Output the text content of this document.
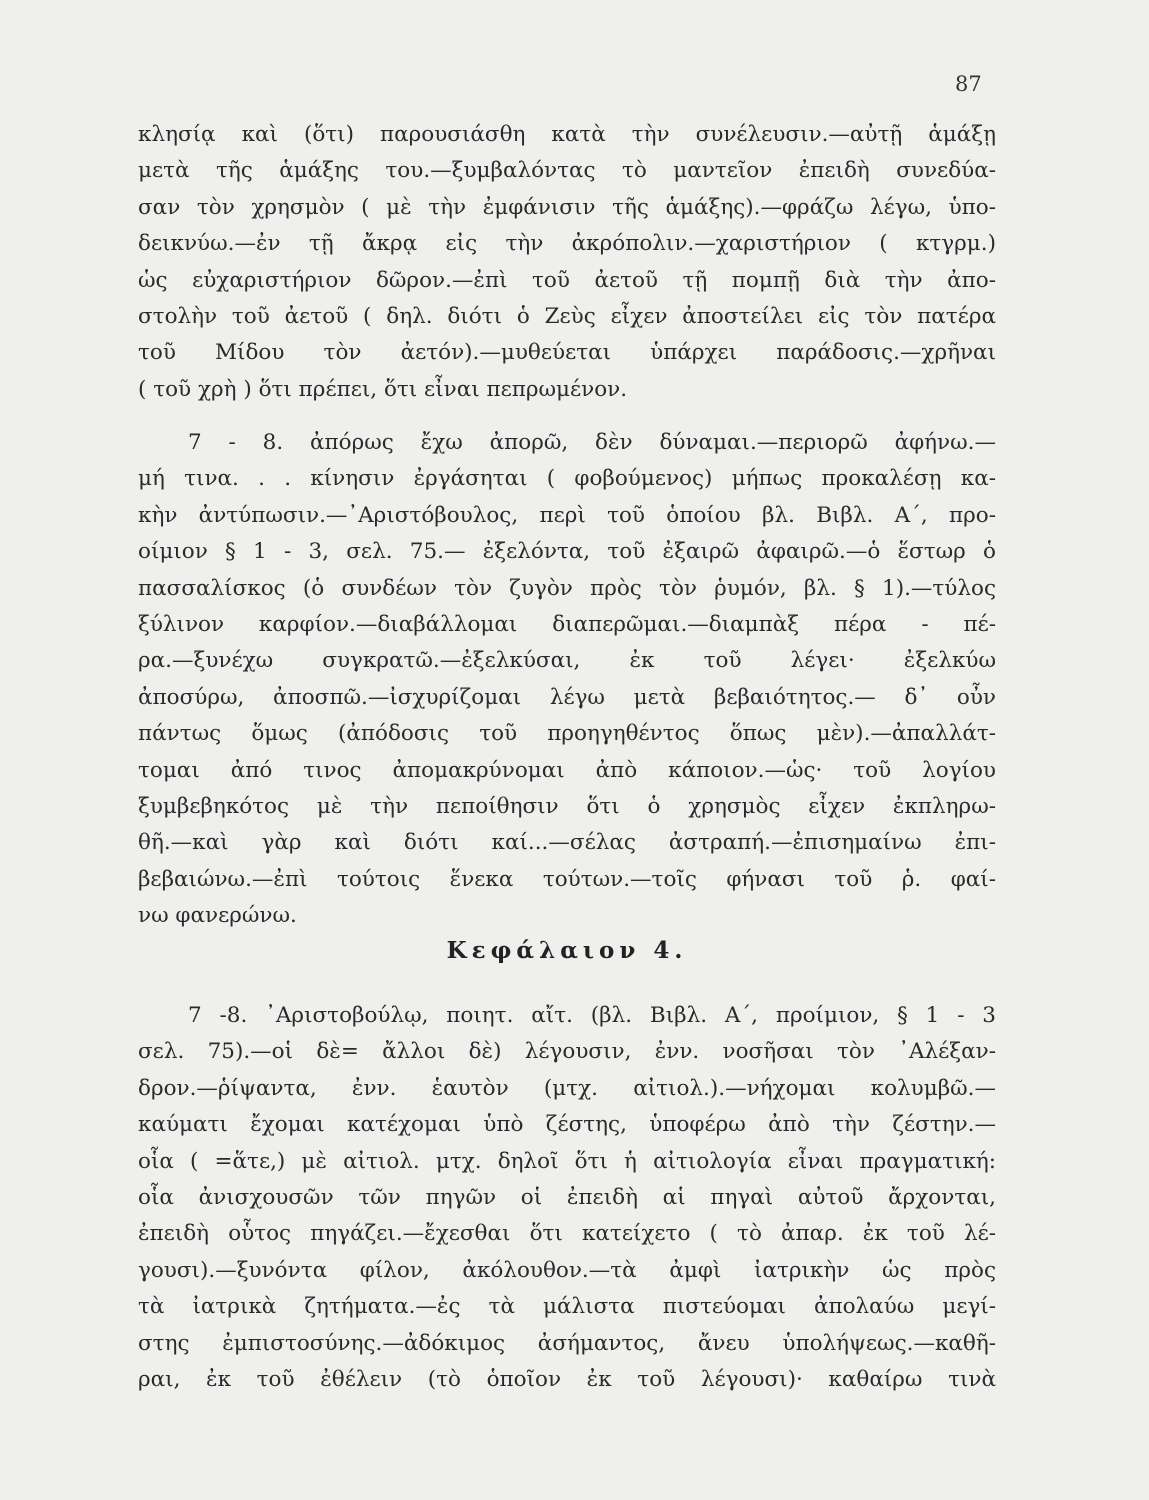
87
κλησίᾳ καὶ (ὅτι) παρουσιάσθη κατὰ τὴν συνέλευσιν.—αὐτῇ ἁμάξῃ
μετὰ τῆς ἁμάξης του.—ξυμβαλόντας τὸ μαντεῖον ἐπειδὴ συνεδύα-
σαν τὸν χρησμὸν ( μὲ τὴν ἐμφάνισιν τῆς ἁμάξης).—φράζω λέγω, ὑπο-
δεικνύω.—ἐν τῇ ἄκρᾳ εἰς τὴν ἀκρόπολιν.—χαριστήριον ( κτγρμ.)
ὡς εὐχαριστήριον δῶρον.—ἐπὶ τοῦ ἀετοῦ τῇ πομπῇ διὰ τὴν ἀπο-
στολὴν τοῦ ἀετοῦ ( δηλ. διότι ὁ Ζεὺς εἶχεν ἀποστείλει εἰς τὸν πατέρα
τοῦ Μίδου τὸν ἀετόν).—μυθεύεται ὑπάρχει παράδοσις.—χρῆναι
( τοῦ χρὴ ) ὅτι πρέπει, ὅτι εἶναι πεπρωμένον.
7 - 8. ἀπόρως ἔχω ἀπορῶ, δὲν δύναμαι.—περιορῶ ἀφήνω.—
μή τινα. . . κίνησιν ἐργάσηται ( φοβούμενος) μήπως προκαλέσῃ κα-
κὴν ἀντύπωσιν.—᾿Αριστόβουλος, περὶ τοῦ ὁποίου βλ. Βιβλ. Α΄, προ-
οίμιον § 1 - 3, σελ. 75.— ἐξελόντα, τοῦ ἐξαιρῶ ἀφαιρῶ.—ὁ ἕστωρ ὁ
πασσαλίσκος (ὁ συνδέων τὸν ζυγὸν πρὸς τὸν ῥυμόν, βλ. § 1).—τύλος
ξύλινον καρφίον.—διαβάλλομαι διαπερῶμαι.—διαμπὰξ πέρα - πέ-
ρα.—ξυνέχω συγκρατῶ.—ἐξελκύσαι, ἐκ τοῦ λέγει· ἐξελκύω
ἀποσύρω, ἀποσπῶ.—ἰσχυρίζομαι λέγω μετὰ βεβαιότητος.— δ᾿ οὖν
πάντως ὅμως (ἀπόδοσις τοῦ προηγηθέντος ὅπως μὲν).—ἀπαλλάτ-
τομαι ἀπό τινος ἀπομακρύνομαι ἀπὸ κάποιον.—ὡς· τοῦ λογίου
ξυμβεβηκότος μὲ τὴν πεποίθησιν ὅτι ὁ χρησμὸς εἶχεν ἐκπληρω-
θῆ.—καὶ γὰρ καὶ διότι καί...—σέλας ἀστραπή.—ἐπισημαίνω ἐπι-
βεβαιώνω.—ἐπὶ τούτοις ἕνεκα τούτων.—τοῖς φήνασι τοῦ ῥ. φαί-
νω φανερώνω.
Κεφάλαιον 4.
7 -8. ᾿Αριστοβούλῳ, ποιητ. αἴτ. (βλ. Βιβλ. Α΄, προίμιον, § 1 - 3
σελ. 75).—οἱ δὲ= ἄλλοι δὲ) λέγουσιν, ἐνν. νοσῆσαι τὸν ᾿Αλέξαν-
δρον.—ῥίψαντα, ἐνν. ἑαυτὸν (μτχ. αἰτιολ.).—νήχομαι κολυμβῶ.—
καύματι ἔχομαι κατέχομαι ὑπὸ ζέστης, ὑποφέρω ἀπὸ τὴν ζέστην.—
οἷα ( =ἅτε,) μὲ αἰτιολ. μτχ. δηλοῖ ὅτι ἡ αἰτιολογία εἶναι πραγματική:
οἷα ἀνισχουσῶν τῶν πηγῶν οἱ ἐπειδὴ αἱ πηγαὶ αὐτοῦ ἄρχονται,
ἐπειδὴ οὗτος πηγάζει.—ἔχεσθαι ὅτι κατείχετο ( τὸ ἀπαρ. ἐκ τοῦ λέ-
γουσι).—ξυνόντα φίλον, ἀκόλουθον.—τὰ ἀμφὶ ἰατρικὴν ὡς πρὸς
τὰ ἰατρικὰ ζητήματα.—ἐς τὰ μάλιστα πιστεύομαι ἀπολαύω μεγί-
στης ἐμπιστοσύνης.—ἀδόκιμος ἀσήμαντος, ἄνευ ὑπολήψεως.—καθῆ-
ραι, ἐκ τοῦ ἐθέλειν (τὸ ὁποῖον ἐκ τοῦ λέγουσι)· καθαίρω τινὰ
